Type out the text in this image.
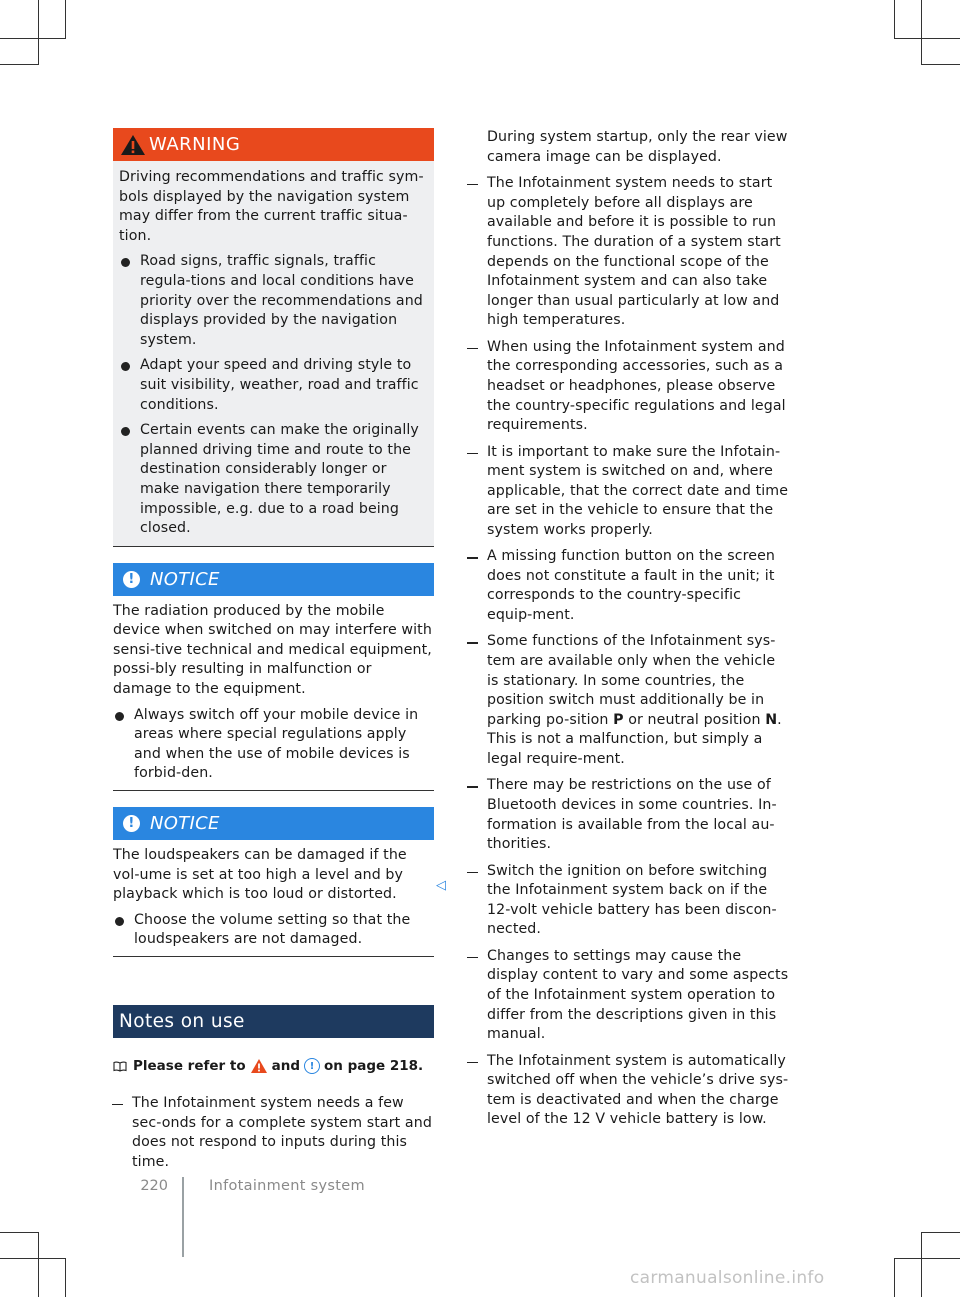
WARNING

Driving recommendations and traffic sym-bols displayed by the navigation system may differ from the current traffic situa-tion.

Road signs, traffic signals, traffic regula-tions and local conditions have priority over the recommendations and displays provided by the navigation system.
Adapt your speed and driving style to suit visibility, weather, road and traffic conditions.
Certain events can make the originally planned driving time and route to the destination considerably longer or make navigation there temporarily impossible, e.g. due to a road being closed.
! NOTICE

The radiation produced by the mobile device when switched on may interfere with sensi-tive technical and medical equipment, possi-bly resulting in malfunction or damage to the equipment.

Always switch off your mobile device in areas where special regulations apply and when the use of mobile devices is forbid-den.
! NOTICE

The loudspeakers can be damaged if the vol-ume is set at too high a level and by playback which is too loud or distorted.

Choose the volume setting so that the loudspeakers are not damaged.
Notes on use
Please refer to and ! on page 218.
The Infotainment system needs a few sec-onds for a complete system start and does not respond to inputs during this time.
◁

During system startup, only the rear view camera image can be displayed.

The Infotainment system needs to start up completely before all displays are available and before it is possible to run functions. The duration of a system start depends on the functional scope of the Infotainment system and can also take longer than usual particularly at low and high temperatures.
When using the Infotainment system and the corresponding accessories, such as a headset or headphones, please observe the country-specific regulations and legal requirements.
It is important to make sure the Infotain-ment system is switched on and, where applicable, that the correct date and time are set in the vehicle to ensure that the system works properly.
A missing function button on the screen does not constitute a fault in the unit; it corresponds to the country-specific equip-ment.
Some functions of the Infotainment sys-tem are available only when the vehicle is stationary. In some countries, the position switch must additionally be in parking po-sition P or neutral position N. This is not a malfunction, but simply a legal require-ment.
There may be restrictions on the use of Bluetooth devices in some countries. In-formation is available from the local au-thorities.
Switch the ignition on before switching the Infotainment system back on if the 12-volt vehicle battery has been discon-nected.
Changes to settings may cause the display content to vary and some aspects of the Infotainment system operation to differ from the descriptions given in this manual.
The Infotainment system is automatically switched off when the vehicle’s drive sys-tem is deactivated and when the charge level of the 12 V vehicle battery is low.
220	Infotainment system
carmanualsonline.info
